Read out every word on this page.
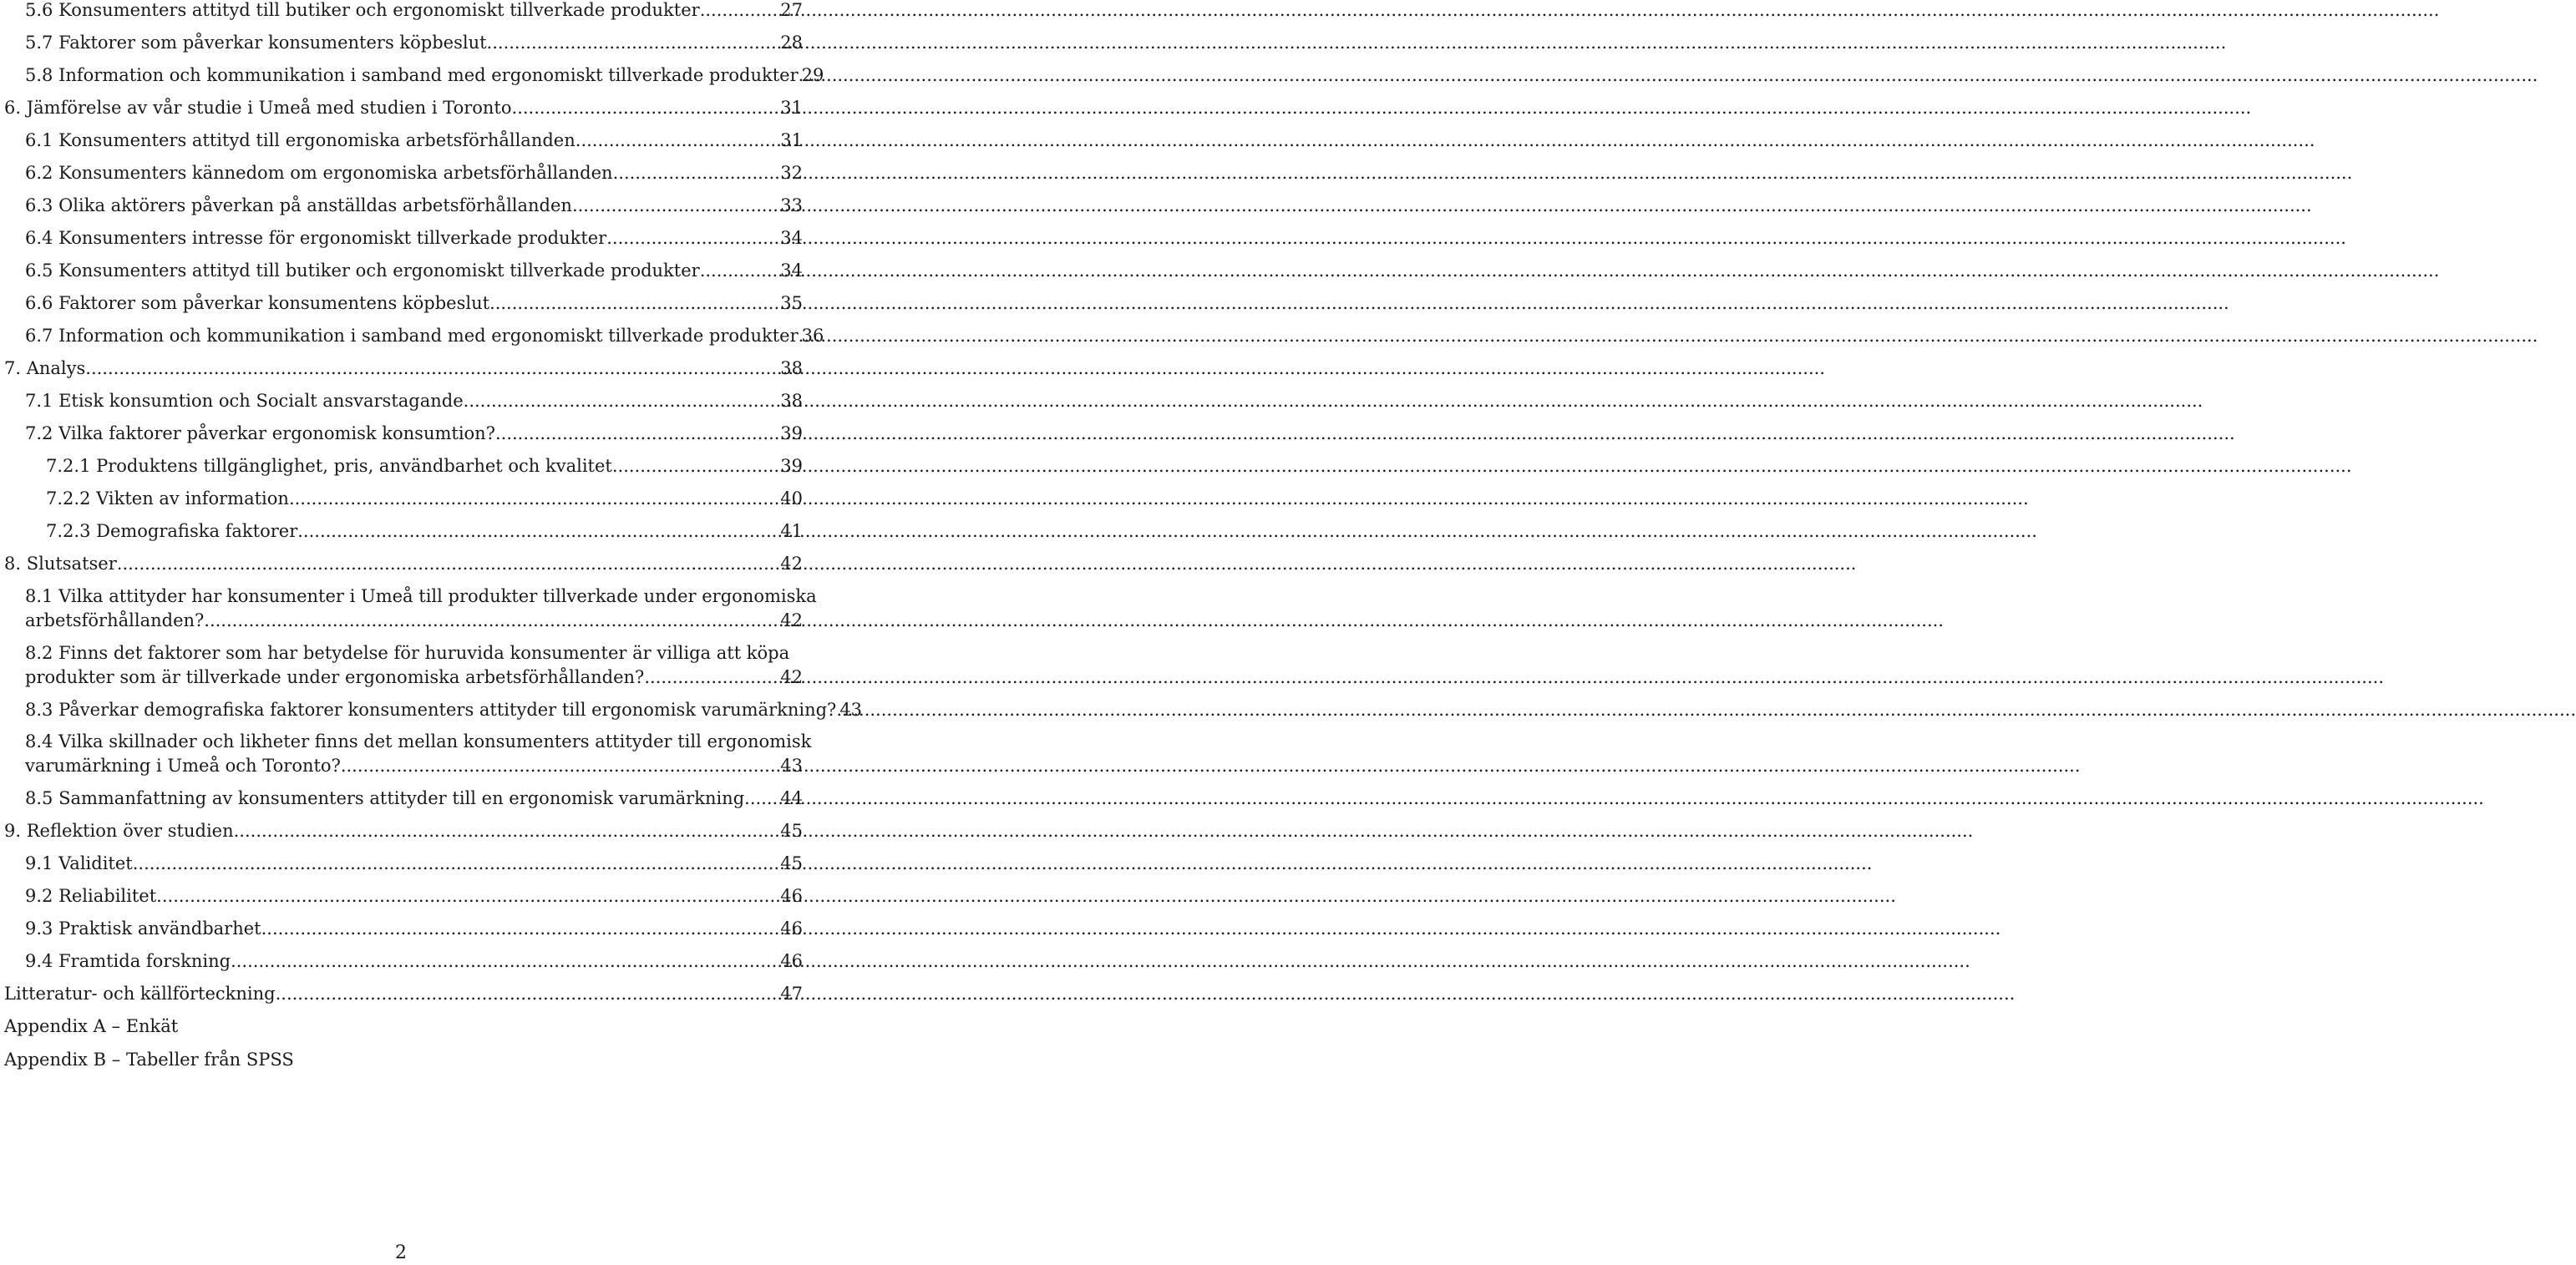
5.6 Konsumenters attityd till butiker och ergonomiskt tillverkade produkter .....	27
5.7 Faktorer som påverkar konsumenters köpbeslut .....	28
5.8 Information och kommunikation i samband med ergonomiskt tillverkade produkter ..... 29
6. Jämförelse av vår studie i Umeå med studien i Toronto .....	31
6.1 Konsumenters attityd till ergonomiska arbetsförhållanden .....	31
6.2 Konsumenters kännedom om ergonomiska arbetsförhållanden .....	32
6.3 Olika aktörers påverkan på anställdas arbetsförhållanden .....	33
6.4 Konsumenters intresse för ergonomiskt tillverkade produkter .....	34
6.5 Konsumenters attityd till butiker och ergonomiskt tillverkade produkter .....	34
6.6 Faktorer som påverkar konsumentens köpbeslut .....	35
6.7 Information och kommunikation i samband med ergonomiskt tillverkade produkter ..... 36
7. Analys .....	38
7.1 Etisk konsumtion och Socialt ansvarstagande .....	38
7.2 Vilka faktorer påverkar ergonomisk konsumtion? .....	39
7.2.1 Produktens tillgänglighet, pris, användbarhet och kvalitet .....	39
7.2.2 Vikten av information .....	40
7.2.3 Demografiska faktorer .....	41
8. Slutsatser .....	42
8.1 Vilka attityder har konsumenter i Umeå till produkter tillverkade under ergonomiska
arbetsförhållanden? .....	42
8.2 Finns det faktorer som har betydelse för huruvida konsumenter är villiga att köpa
produkter som är tillverkade under ergonomiska arbetsförhållanden? .....	42
8.3 Påverkar demografiska faktorer konsumenters attityder till ergonomisk varumärkning? ..... 43
8.4 Vilka skillnader och likheter finns det mellan konsumenters attityder till ergonomisk
varumärkning i Umeå och Toronto? .....	43
8.5 Sammanfattning av konsumenters attityder till en ergonomisk varumärkning ..... 44
9. Reflektion över studien .....	45
9.1 Validitet .....	45
9.2 Reliabilitet .....	46
9.3 Praktisk användbarhet .....	46
9.4 Framtida forskning .....	46
Litteratur- och källförteckning .....	47
Appendix A – Enkät
Appendix B – Tabeller från SPSS
2
